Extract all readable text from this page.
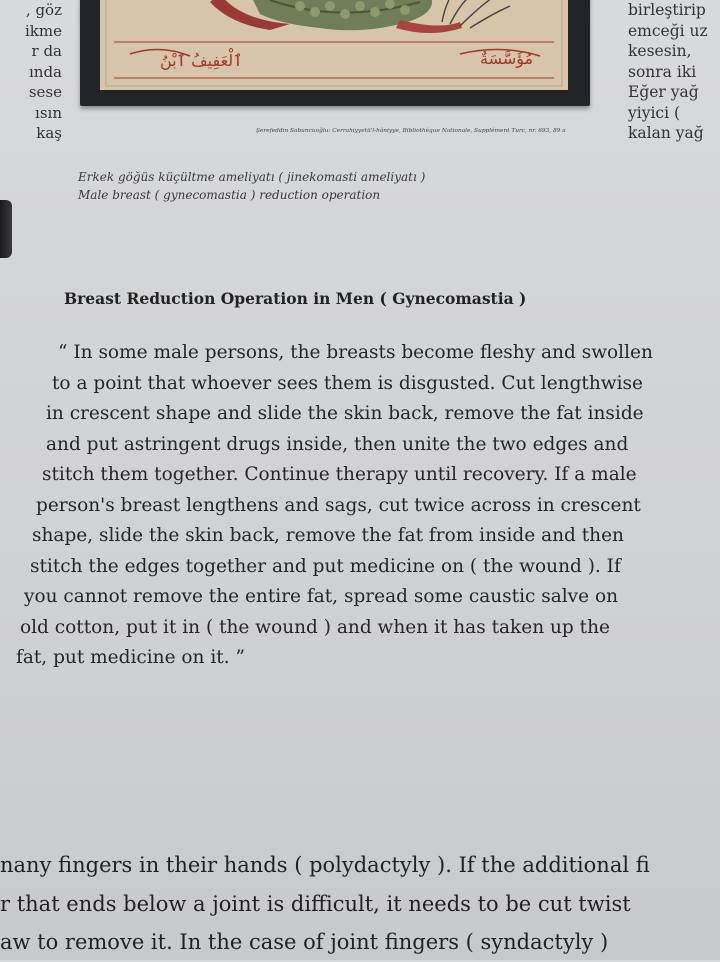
, göz
ikme
r da
ında
sese
ısın
kaş
birleştirip
emceği uz
kesesin,
sonra iki
Eğer yağ
yiyici (
kalan yağ
ٱلْعَفِيفُ ٱبْنُ	مُؤَسَّسَةٌ
Şerefeddin Sabuncuoğlu: Cerrahiyyetü'l-hâniyye, Bibliothèque Nationale, Supplément Turc, nr. 693, 89 a
Erkek göğüs küçültme ameliyatı ( jinekomasti ameliyatı )
Male breast ( gynecomastia ) reduction operation
Breast Reduction Operation in Men ( Gynecomastia )
“ In some male persons, the breasts become fleshy and swollen
to a point that whoever sees them is disgusted. Cut lengthwise
in crescent shape and slide the skin back, remove the fat inside
and put astringent drugs inside, then unite the two edges and
stitch them together. Continue therapy until recovery. If a male
person's breast lengthens and sags, cut twice across in crescent
shape, slide the skin back, remove the fat from inside and then
stitch the edges together and put medicine on ( the wound ). If
you cannot remove the entire fat, spread some caustic salve on
old cotton, put it in ( the wound ) and when it has taken up the
fat, put medicine on it. ”
nany fingers in their hands ( polydactyly ). If the additional fi
r that ends below a joint is difficult, it needs to be cut twist
aw to remove it. In the case of joint fingers ( syndactyly )
